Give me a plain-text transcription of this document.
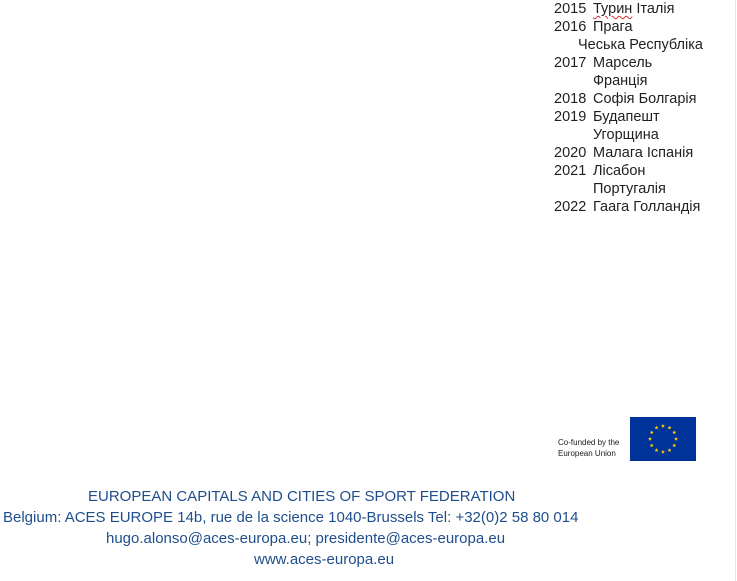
2015 Турин Італія
2016 Прага
Чеська Республіка
2017 Марсель
Франція
2018 Софія Болгарія
2019 Будапешт
Угорщина
2020 Малага Іспанія
2021 Лісабон
Португалія
2022 Гаага Голландія
Co-funded by the
European Union
EUROPEAN CAPITALS AND CITIES OF SPORT FEDERATION
Belgium: ACES EUROPE 14b, rue de la science 1040-Brussels Tel: +32(0)2 58 80 014
hugo.alonso@aces-europa.eu; presidente@aces-europa.eu
www.aces-europa.eu
